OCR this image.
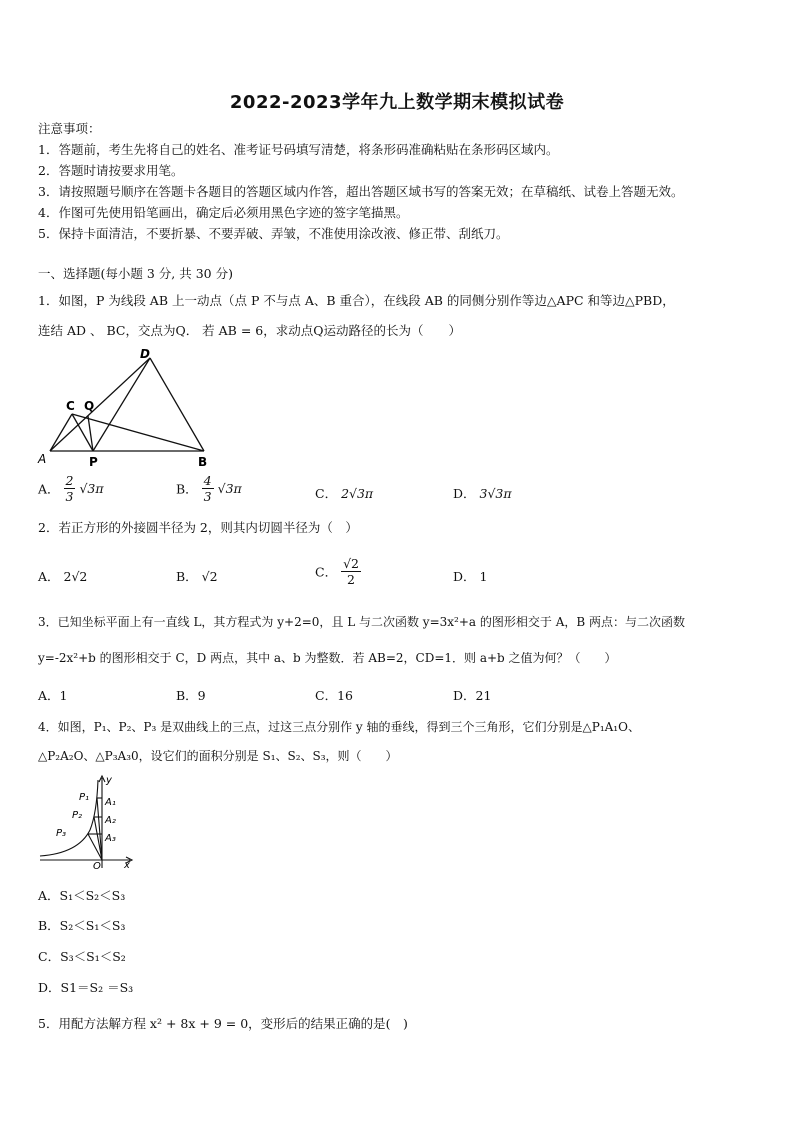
2022-2023学年九上数学期末模拟试卷
注意事项：
1．答题前，考生先将自己的姓名、准考证号码填写清楚，将条形码准确粘贴在条形码区域内。
2．答题时请按要求用笔。
3．请按照题号顺序在答题卡各题目的答题区域内作答，超出答题区域书写的答案无效；在草稿纸、试卷上答题无效。
4．作图可先使用铅笔画出，确定后必须用黑色字迹的签字笔描黑。
5．保持卡面清洁，不要折暴、不要弄破、弄皱，不准使用涂改液、修正带、刮纸刀。
一、选择题(每小题 3 分, 共 30 分)
1．如图，P 为线段 AB 上一动点（点 P 不与点 A、B 重合），在线段 AB 的同侧分别作等边△APC 和等边△PBD，
连结 AD 、 BC，交点为Q． 若 AB = 6，求动点Q运动路径的长为（　　）
D
C Q
A	P	B
A． $\frac{2}{3} √3\pi$	B． $\frac{4}{3} √3\pi$	C． 2√3π	D． 3√3π
2．若正方形的外接圆半径为 2，则其内切圆半径为（　）
A． 2√2	B． √2	C． $\frac{√2}{2}$	D． 1
3．已知坐标平面上有一直线 L，其方程式为 y+2=0，且 L 与二次函数 y=3x²+a 的图形相交于 A，B 两点：与二次函数
y=-2x²+b 的图形相交于 C，D 两点，其中 a、b 为整数．若 AB=2，CD=1．则 a+b 之值为何？（　　）
A．1	B．9	C．16	D．21
4．如图，P₁、P₂、P₃ 是双曲线上的三点，过这三点分别作 y 轴的垂线，得到三个三角形，它们分别是△P₁A₁O、
△P₂A₂O、△P₃A₃0，设它们的面积分别是 S₁、S₂、S₃，则（　　）
y
x
O
P₁
P₂
P₃
A₁
A₂
A₃
A．S₁＜S₂＜S₃
B．S₂＜S₁＜S₃
C．S₃＜S₁＜S₂
D．S1＝S₂ ＝S₃
5．用配方法解方程 x² + 8x + 9 = 0，变形后的结果正确的是(　)
